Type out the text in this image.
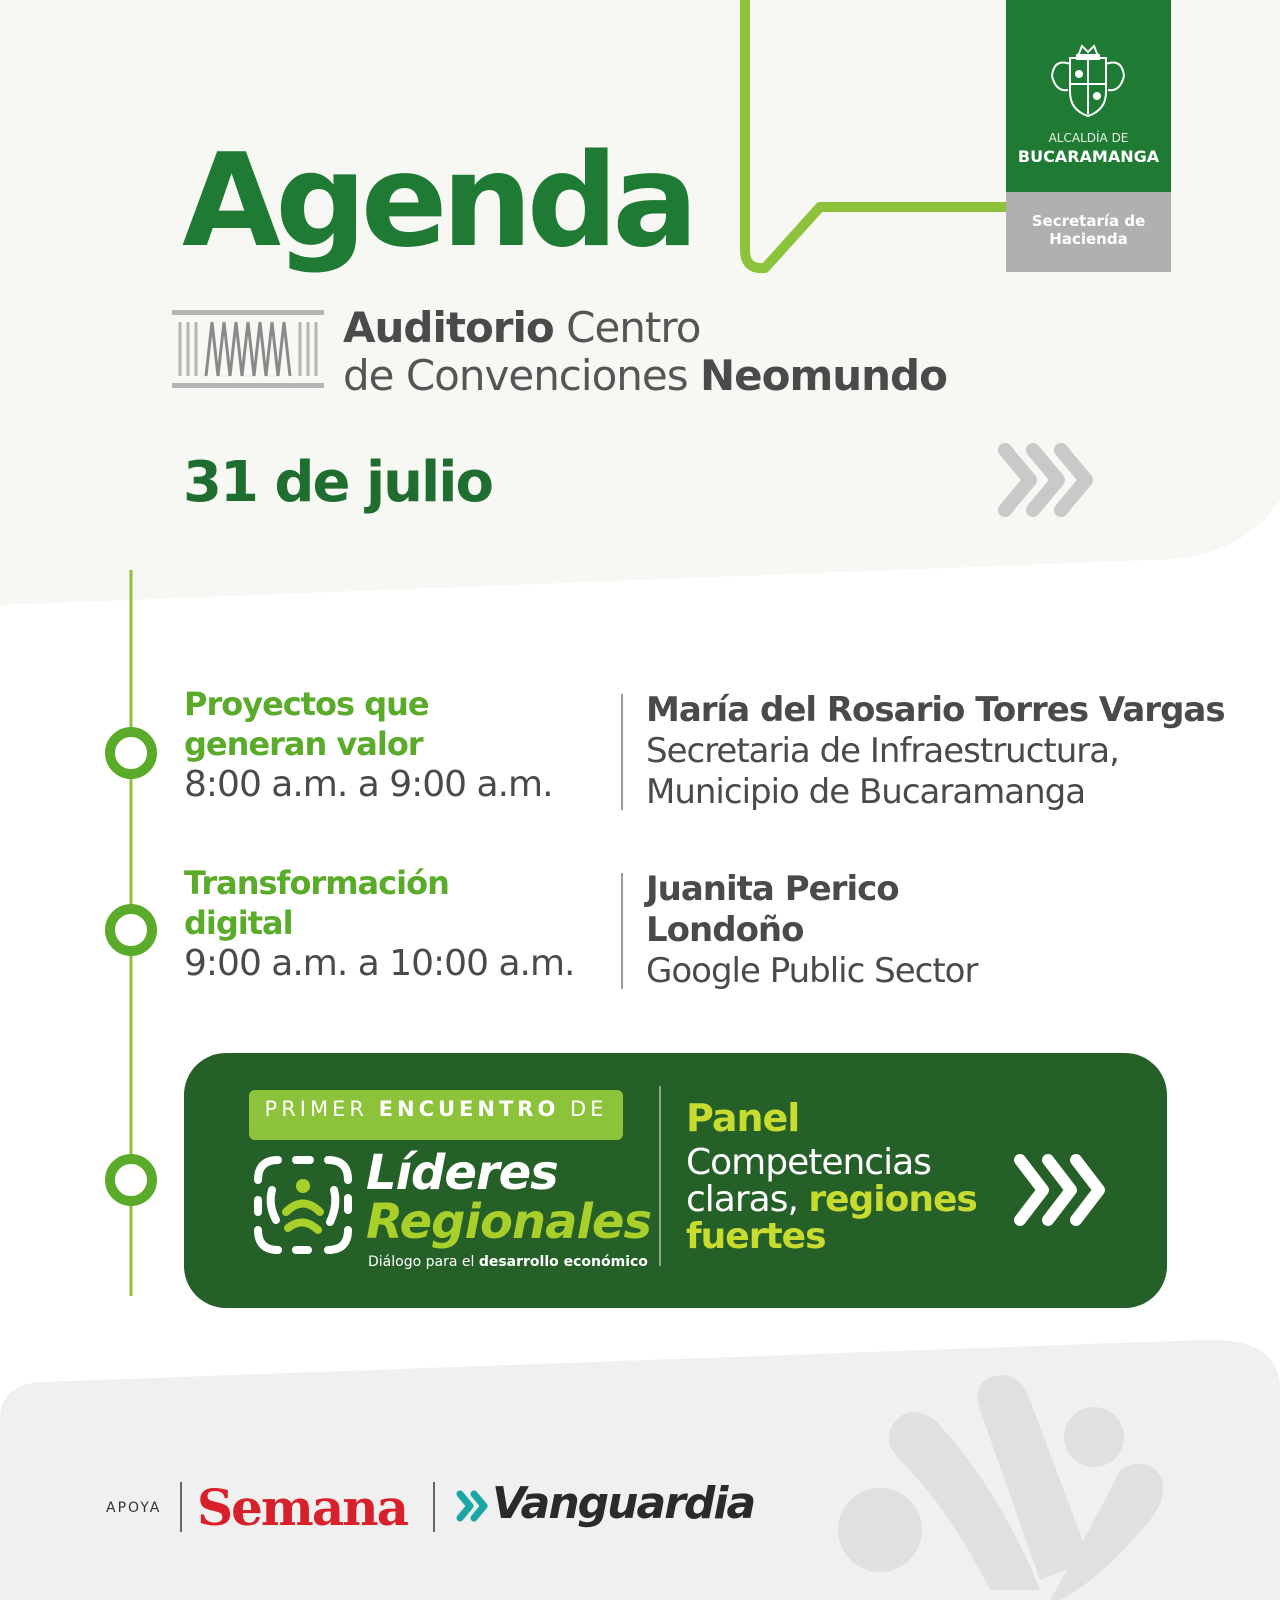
Agenda
Auditorio Centro
de Convenciones Neomundo
31 de julio
ALCALDÍA DE
BUCARAMANGA
Secretaría de
Hacienda
Proyectos que
generan valor
8:00 a.m. a 9:00 a.m.
María del Rosario Torres Vargas
Secretaria de Infraestructura,
Municipio de Bucaramanga
Transformación
digital
9:00 a.m. a 10:00 a.m.
Juanita Perico
Londoño
Google Public Sector
PRIMER ENCUENTRO DE
Líderes
Regionales
Diálogo para el desarrollo económico
Panel
Competencias
claras, regiones
fuertes
APOYA Semana Vanguardia
